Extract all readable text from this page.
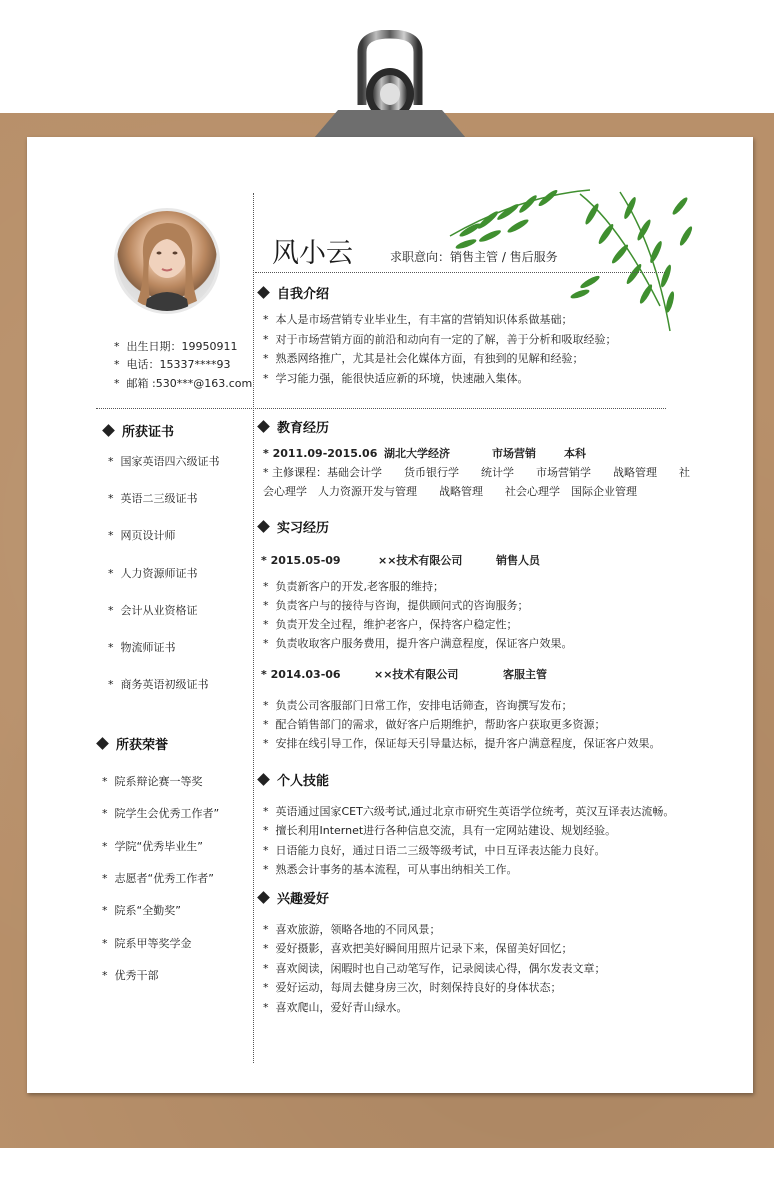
风小云	求职意向：销售主管 / 售后服务
*  出生日期：19950911
*  电话：15337****93
*  邮箱 :530***@163.com
所获证书
*  国家英语四六级证书
*  英语二三级证书
*  网页设计师
*  人力资源师证书
*  会计从业资格证
*  物流师证书
*  商务英语初级证书
所获荣誉
*  院系辩论赛一等奖
*  院学生会优秀工作者”
*  学院“优秀毕业生”
*  志愿者“优秀工作者”
*  院系“全勤奖”
*  院系甲等奖学金
*  优秀干部
自我介绍
*  本人是市场营销专业毕业生，有丰富的营销知识体系做基础；
*  对于市场营销方面的前沿和动向有一定的了解，善于分析和吸取经验；
*  熟悉网络推广，尤其是社会化媒体方面，有独到的见解和经验；
*  学习能力强，能很快适应新的环境，快速融入集体。
教育经历
* 2011.09-2015.06 湖北大学经济	市场营销	本科
* 主修课程：基础会计学　　货币银行学　　统计学　　市场营销学　　战略管理　　社
会心理学　人力资源开发与管理　　战略管理　　社会心理学　国际企业管理
实习经历
* 2015.05-09	××技术有限公司	销售人员
*  负责新客户的开发,老客服的维持；
*  负责客户与的接待与咨询，提供顾问式的咨询服务；
*  负责开发全过程，维护老客户，保持客户稳定性；
*  负责收取客户服务费用，提升客户满意程度，保证客户效果。
* 2014.03-06	××技术有限公司	客服主管
*  负责公司客服部门日常工作，安排电话筛查，咨询撰写发布；
*  配合销售部门的需求，做好客户后期维护，帮助客户获取更多资源；
*  安排在线引导工作，保证每天引导量达标，提升客户满意程度，保证客户效果。
个人技能
*  英语通过国家CET六级考试,通过北京市研究生英语学位统考，英汉互译表达流畅。
*  擅长利用Internet进行各种信息交流，具有一定网站建设、规划经验。
*  日语能力良好，通过日语二三级等级考试，中日互译表达能力良好。
*  熟悉会计事务的基本流程，可从事出纳相关工作。
兴趣爱好
*  喜欢旅游，领略各地的不同风景；
*  爱好摄影，喜欢把美好瞬间用照片记录下来，保留美好回忆；
*  喜欢阅读，闲暇时也自己动笔写作，记录阅读心得，偶尔发表文章；
*  爱好运动，每周去健身房三次，时刻保持良好的身体状态；
*  喜欢爬山，爱好青山绿水。
